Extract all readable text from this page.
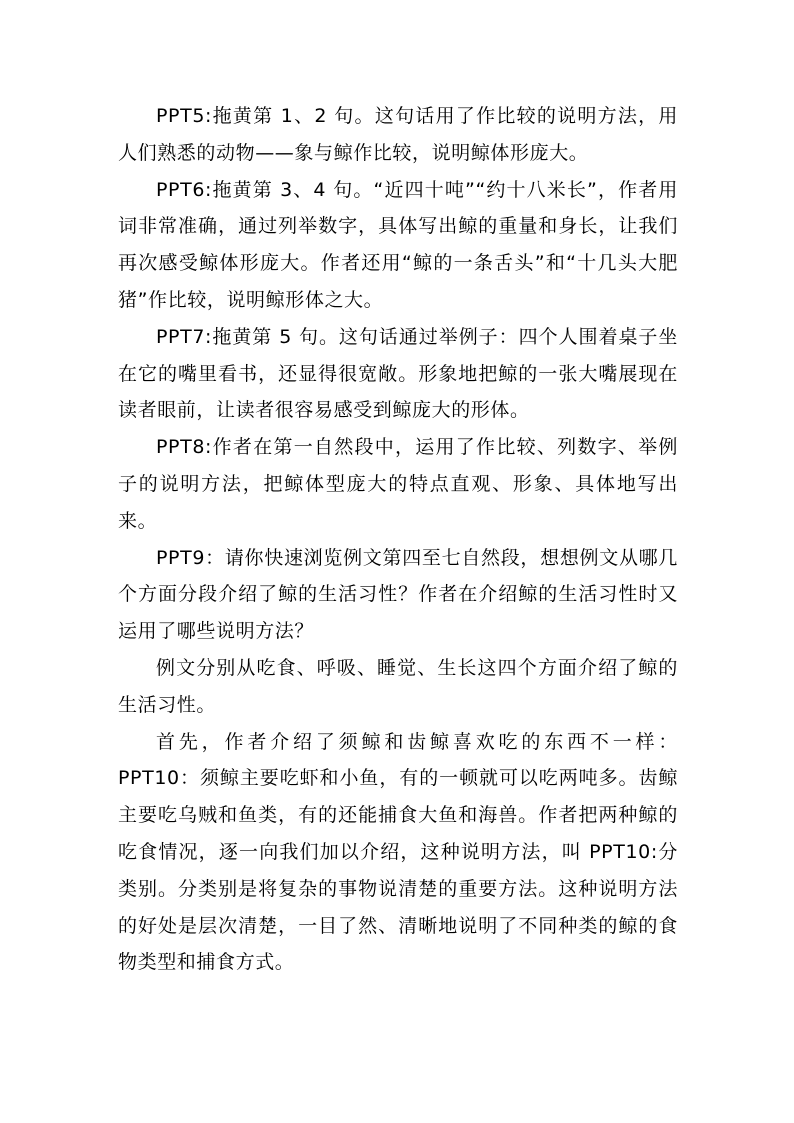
PPT5:拖黄第 1、2 句。这句话用了作比较的说明方法，用人们熟悉的动物——象与鲸作比较，说明鲸体形庞大。

PPT6:拖黄第 3、4 句。“近四十吨”“约十八米长”，作者用词非常准确，通过列举数字，具体写出鲸的重量和身长，让我们再次感受鲸体形庞大。作者还用“鲸的一条舌头”和“十几头大肥猪”作比较，说明鲸形体之大。

PPT7:拖黄第 5 句。这句话通过举例子：四个人围着桌子坐在它的嘴里看书，还显得很宽敞。形象地把鲸的一张大嘴展现在读者眼前，让读者很容易感受到鲸庞大的形体。

PPT8:作者在第一自然段中，运用了作比较、列数字、举例子的说明方法，把鲸体型庞大的特点直观、形象、具体地写出来。

PPT9：请你快速浏览例文第四至七自然段，想想例文从哪几个方面分段介绍了鲸的生活习性？作者在介绍鲸的生活习性时又运用了哪些说明方法？

例文分别从吃食、呼吸、睡觉、生长这四个方面介绍了鲸的生活习性。

首先，作者介绍了须鲸和齿鲸喜欢吃的东西不一样：PPT10：须鲸主要吃虾和小鱼，有的一顿就可以吃两吨多。齿鲸主要吃乌贼和鱼类，有的还能捕食大鱼和海兽。作者把两种鲸的吃食情况，逐一向我们加以介绍，这种说明方法，叫 PPT10:分类别。分类别是将复杂的事物说清楚的重要方法。这种说明方法的好处是层次清楚，一目了然、清晰地说明了不同种类的鲸的食物类型和捕食方式。
